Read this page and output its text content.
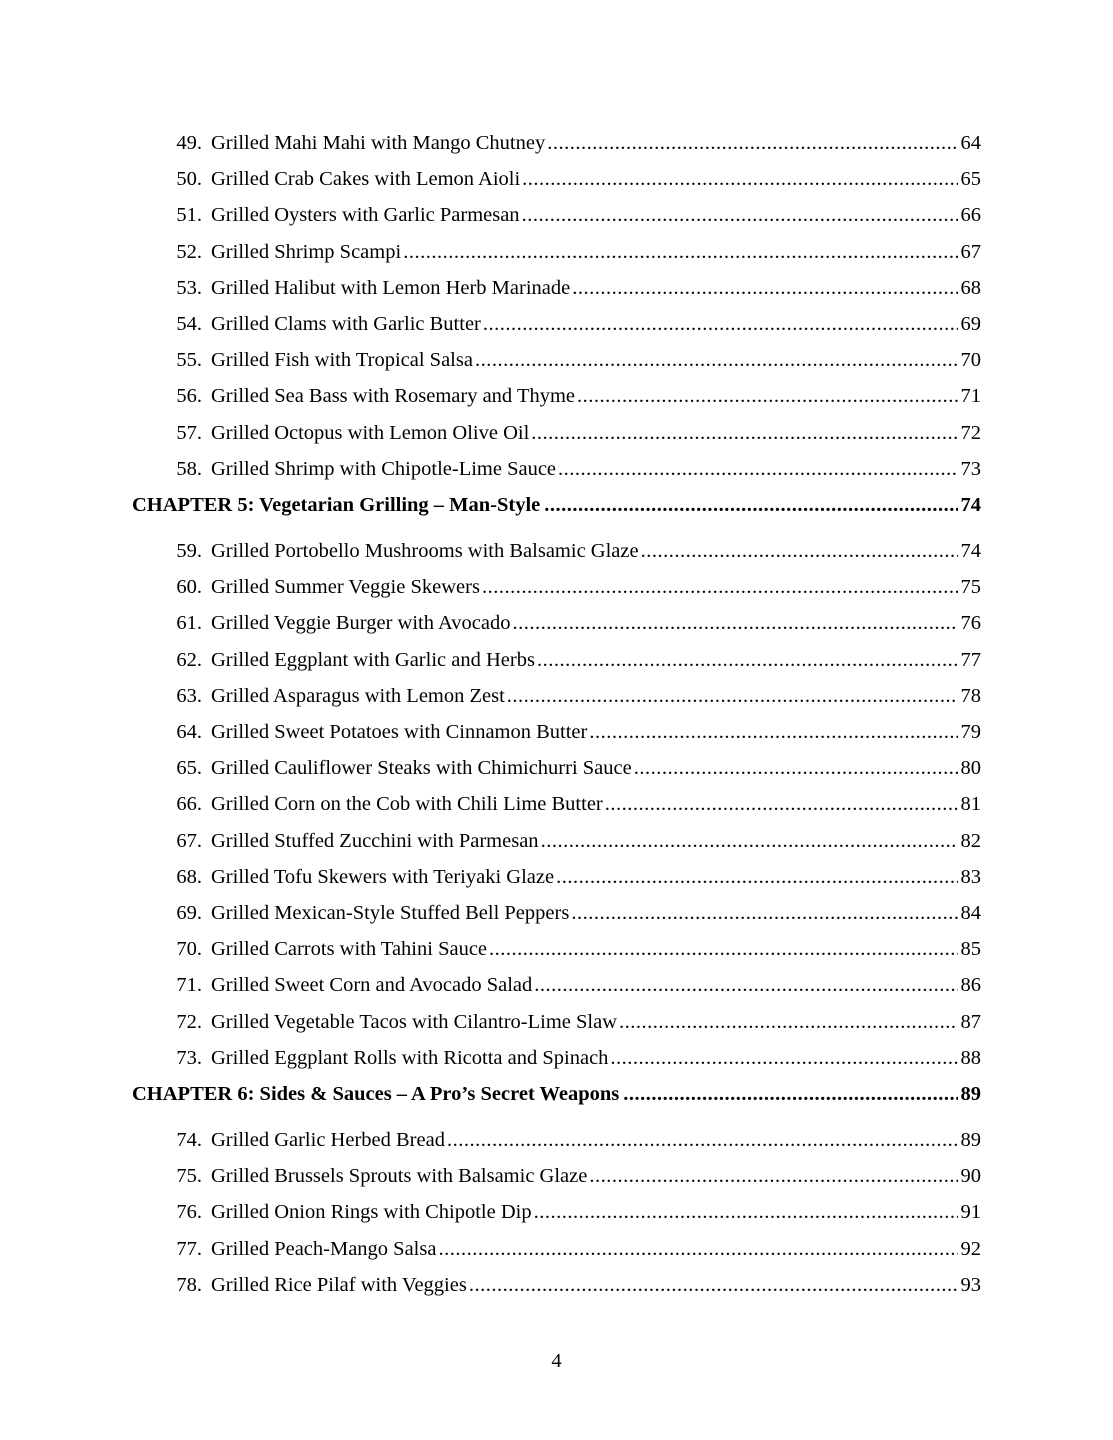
49. Grilled Mahi Mahi with Mango Chutney .....	64
50. Grilled Crab Cakes with Lemon Aioli .....	65
51. Grilled Oysters with Garlic Parmesan .....	66
52. Grilled Shrimp Scampi .....	67
53. Grilled Halibut with Lemon Herb Marinade .....	68
54. Grilled Clams with Garlic Butter .....	69
55. Grilled Fish with Tropical Salsa .....	70
56. Grilled Sea Bass with Rosemary and Thyme .....	71
57. Grilled Octopus with Lemon Olive Oil .....	72
58. Grilled Shrimp with Chipotle-Lime Sauce .....	73
CHAPTER 5: Vegetarian Grilling – Man-Style .....	74
59. Grilled Portobello Mushrooms with Balsamic Glaze .....	74
60. Grilled Summer Veggie Skewers .....	75
61. Grilled Veggie Burger with Avocado .....	76
62. Grilled Eggplant with Garlic and Herbs .....	77
63. Grilled Asparagus with Lemon Zest .....	78
64. Grilled Sweet Potatoes with Cinnamon Butter .....	79
65. Grilled Cauliflower Steaks with Chimichurri Sauce .....	80
66. Grilled Corn on the Cob with Chili Lime Butter .....	81
67. Grilled Stuffed Zucchini with Parmesan .....	82
68. Grilled Tofu Skewers with Teriyaki Glaze .....	83
69. Grilled Mexican-Style Stuffed Bell Peppers .....	84
70. Grilled Carrots with Tahini Sauce .....	85
71. Grilled Sweet Corn and Avocado Salad .....	86
72. Grilled Vegetable Tacos with Cilantro-Lime Slaw .....	87
73. Grilled Eggplant Rolls with Ricotta and Spinach .....	88
CHAPTER 6: Sides & Sauces – A Pro’s Secret Weapons .....	89
74. Grilled Garlic Herbed Bread .....	89
75. Grilled Brussels Sprouts with Balsamic Glaze .....	90
76. Grilled Onion Rings with Chipotle Dip .....	91
77. Grilled Peach-Mango Salsa .....	92
78. Grilled Rice Pilaf with Veggies .....	93
4
